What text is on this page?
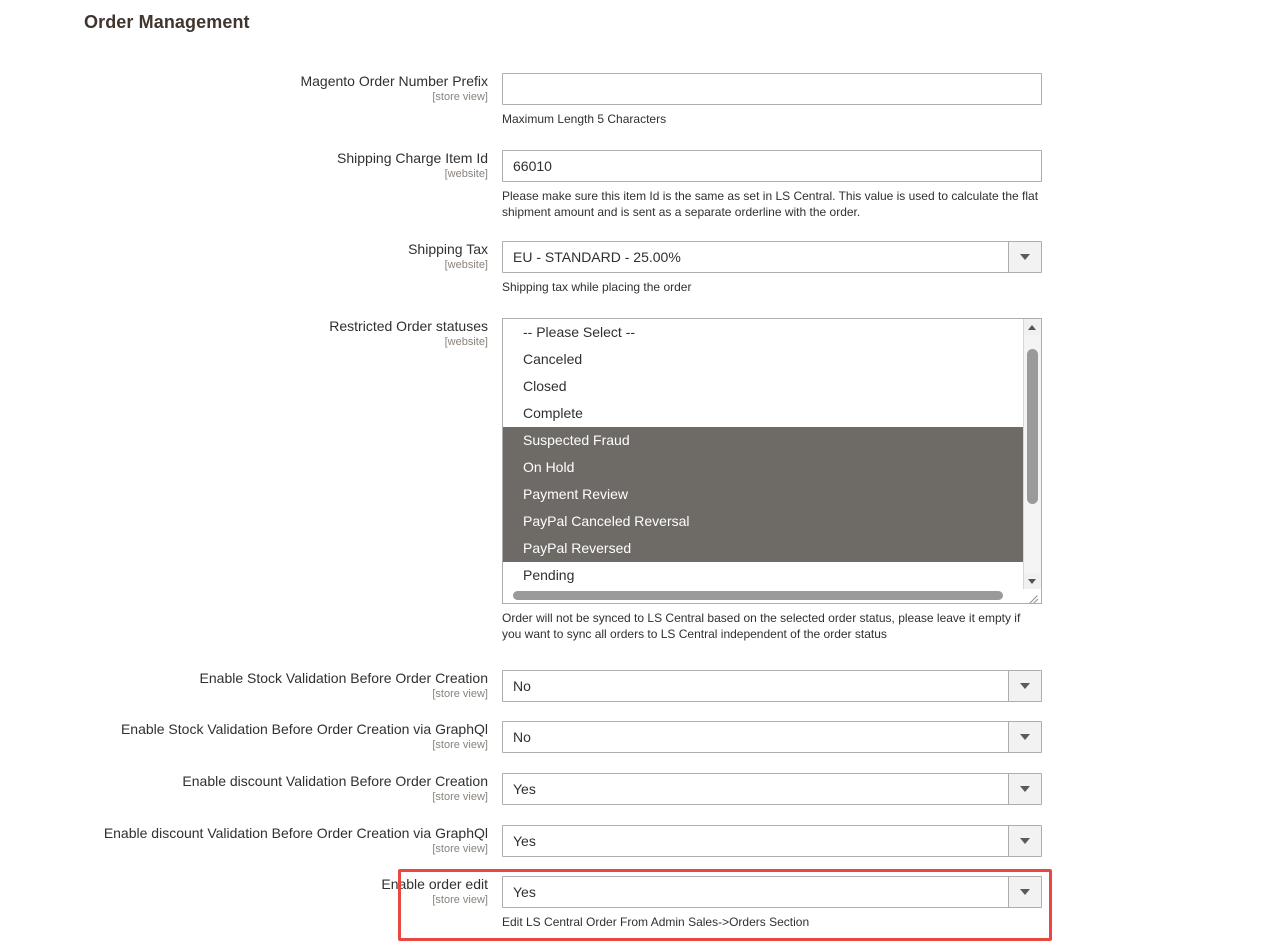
Order Management
Magento Order Number Prefix
[store view]
Maximum Length 5 Characters
Shipping Charge Item Id
[website]
66010
Please make sure this item Id is the same as set in LS Central. This value is used to calculate the flat shipment amount and is sent as a separate orderline with the order.
Shipping Tax
[website] EU - STANDARD - 25.00%
Shipping tax while placing the order
Restricted Order statuses
[website]
-- Please Select --
Canceled
Closed
Complete
Suspected Fraud
On Hold
Payment Review
PayPal Canceled Reversal
PayPal Reversed
Pending
Order will not be synced to LS Central based on the selected order status, please leave it empty if you want to sync all orders to LS Central independent of the order status
Enable Stock Validation Before Order Creation
[store view] No
Enable Stock Validation Before Order Creation via GraphQl
[store view] No
Enable discount Validation Before Order Creation
[store view] Yes
Enable discount Validation Before Order Creation via GraphQl
[store view] Yes
Enable order edit
[store view] Yes
Edit LS Central Order From Admin Sales->Orders Section
